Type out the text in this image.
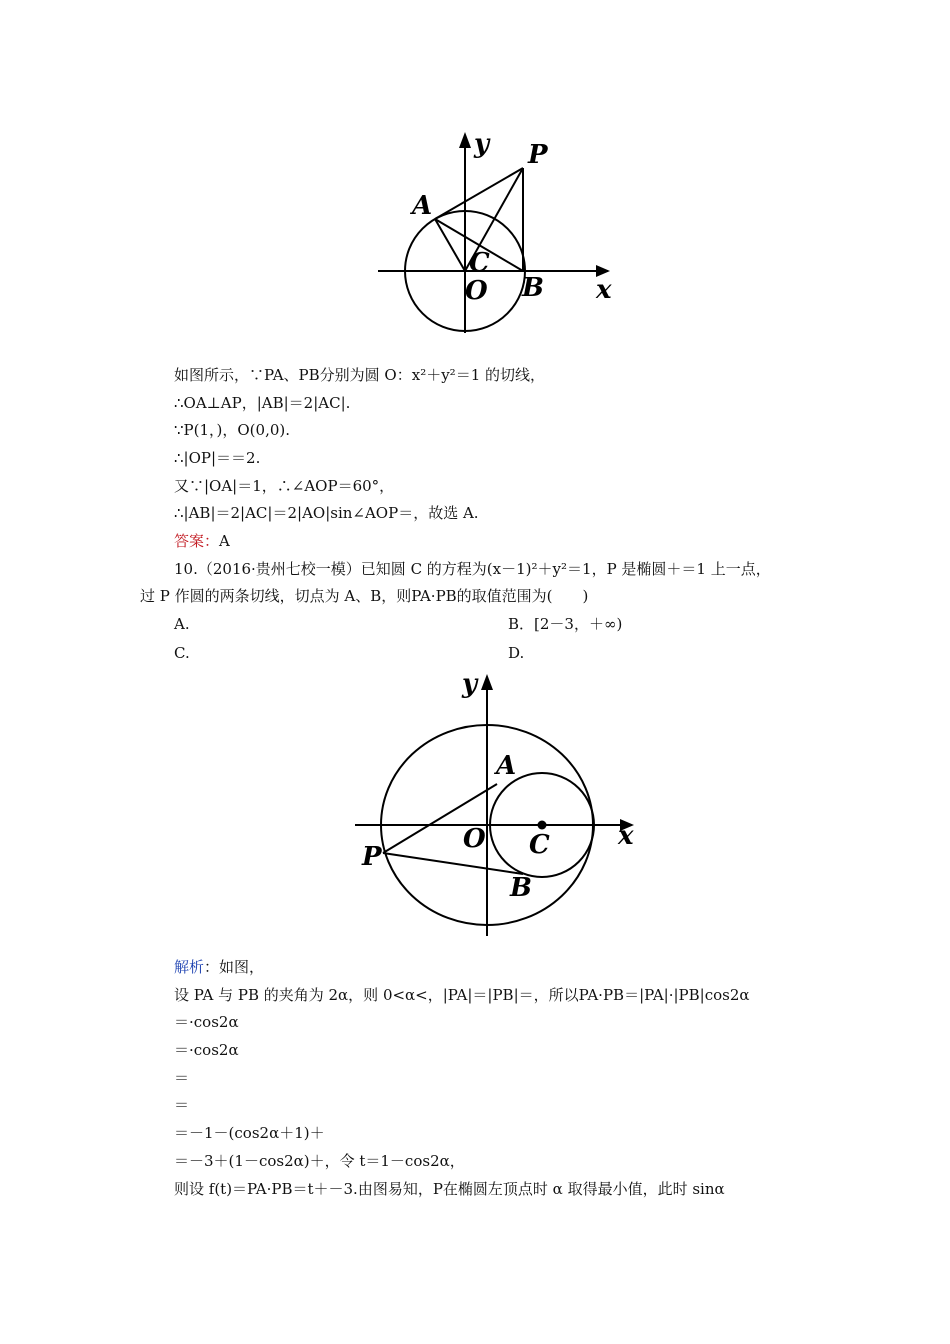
y P
A
C
O B x
如图所示，∵PA、PB分别为圆 O：x²＋y²＝1 的切线，
∴OA⊥AP，|AB|＝2|AC|.
∵P(1，)，O(0,0).
∴|OP|＝＝2.
又∵|OA|＝1，∴∠AOP＝60°，
∴|AB|＝2|AC|＝2|AO|sin∠AOP＝，故选 A.
答案：A
10.（2016·贵州七校一模）已知圆 C 的方程为(x－1)²＋y²＝1，P 是椭圆＋＝1 上一点，
过 P 作圆的两条切线，切点为 A、B，则PA·PB的取值范围为(　　)
A.	B．[2－3，＋∞)
C.	D.
y
A
O C	x
P
B
解析：如图，
设 PA 与 PB 的夹角为 2α，则 0<α<，|PA|＝|PB|＝，所以PA·PB＝|PA|·|PB|cos2α
＝·cos2α
＝·cos2α
＝
＝
＝－1－(cos2α＋1)＋
＝－3＋(1－cos2α)＋，令 t＝1－cos2α，
则设 f(t)＝PA·PB＝t＋－3.由图易知，P在椭圆左顶点时 α 取得最小值，此时 sinα
